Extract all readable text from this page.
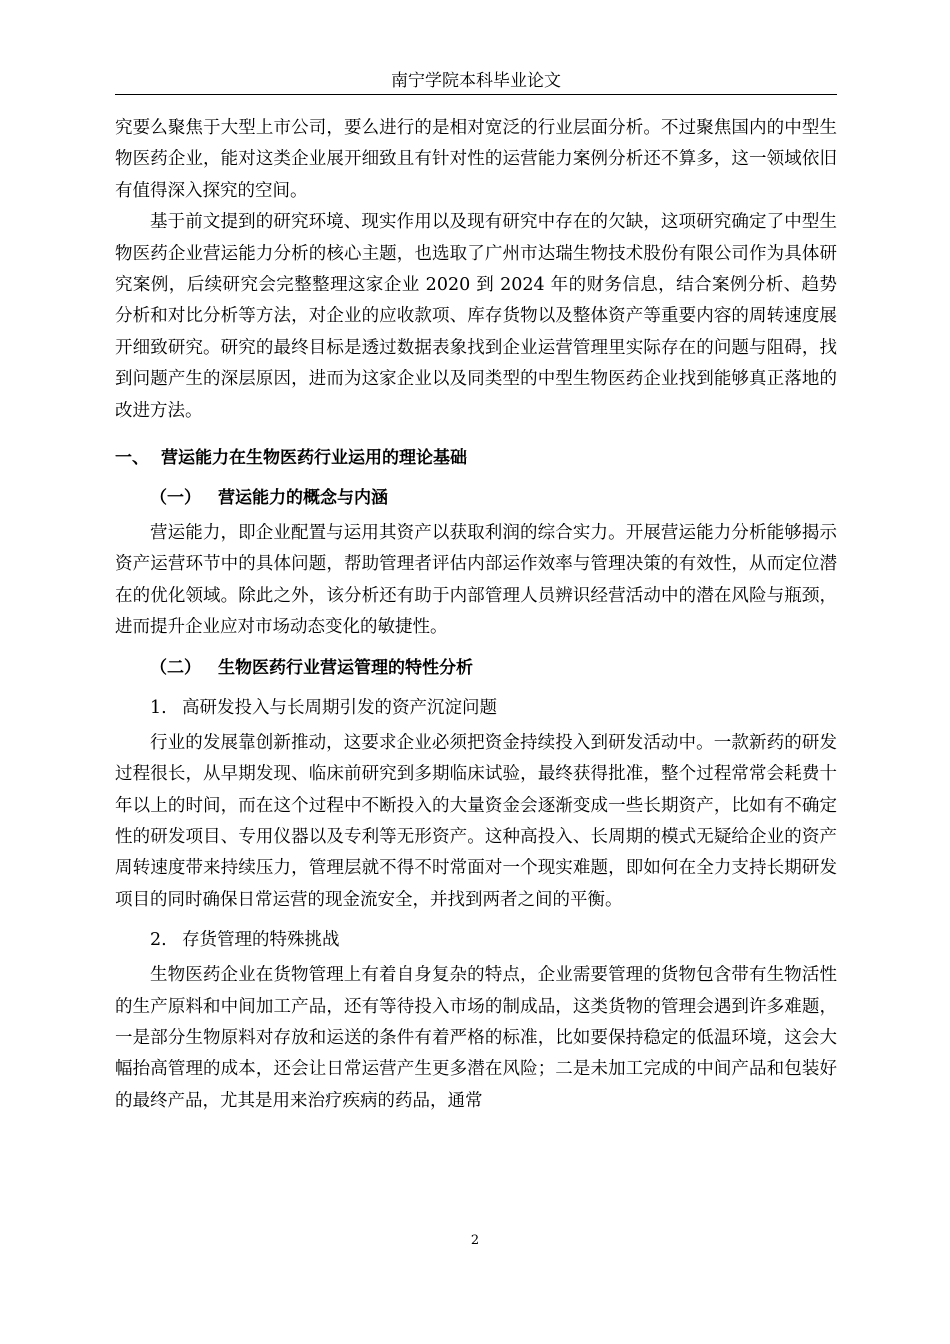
南宁学院本科毕业论文

究要么聚焦于大型上市公司，要么进行的是相对宽泛的行业层面分析。不过聚焦国内的中型生物医药企业，能对这类企业展开细致且有针对性的运营能力案例分析还不算多，这一领域依旧有值得深入探究的空间。

基于前文提到的研究环境、现实作用以及现有研究中存在的欠缺，这项研究确定了中型生物医药企业营运能力分析的核心主题，也选取了广州市达瑞生物技术股份有限公司作为具体研究案例，后续研究会完整整理这家企业 2020 到 2024 年的财务信息，结合案例分析、趋势分析和对比分析等方法，对企业的应收款项、库存货物以及整体资产等重要内容的周转速度展开细致研究。研究的最终目标是透过数据表象找到企业运营管理里实际存在的问题与阻碍，找到问题产生的深层原因，进而为这家企业以及同类型的中型生物医药企业找到能够真正落地的改进方法。

一、 营运能力在生物医药行业运用的理论基础
（一） 营运能力的概念与内涵

营运能力，即企业配置与运用其资产以获取利润的综合实力。开展营运能力分析能够揭示资产运营环节中的具体问题，帮助管理者评估内部运作效率与管理决策的有效性，从而定位潜在的优化领域。除此之外，该分析还有助于内部管理人员辨识经营活动中的潜在风险与瓶颈，进而提升企业应对市场动态变化的敏捷性。

（二） 生物医药行业营运管理的特性分析
1. 高研发投入与长周期引发的资产沉淀问题

行业的发展靠创新推动，这要求企业必须把资金持续投入到研发活动中。一款新药的研发过程很长，从早期发现、临床前研究到多期临床试验，最终获得批准，整个过程常常会耗费十年以上的时间，而在这个过程中不断投入的大量资金会逐渐变成一些长期资产，比如有不确定性的研发项目、专用仪器以及专利等无形资产。这种高投入、长周期的模式无疑给企业的资产周转速度带来持续压力，管理层就不得不时常面对一个现实难题，即如何在全力支持长期研发项目的同时确保日常运营的现金流安全，并找到两者之间的平衡。

2. 存货管理的特殊挑战

生物医药企业在货物管理上有着自身复杂的特点，企业需要管理的货物包含带有生物活性的生产原料和中间加工产品，还有等待投入市场的制成品，这类货物的管理会遇到许多难题，一是部分生物原料对存放和运送的条件有着严格的标准，比如要保持稳定的低温环境，这会大幅抬高管理的成本，还会让日常运营产生更多潜在风险；二是未加工完成的中间产品和包装好的最终产品，尤其是用来治疗疾病的药品，通常

2
